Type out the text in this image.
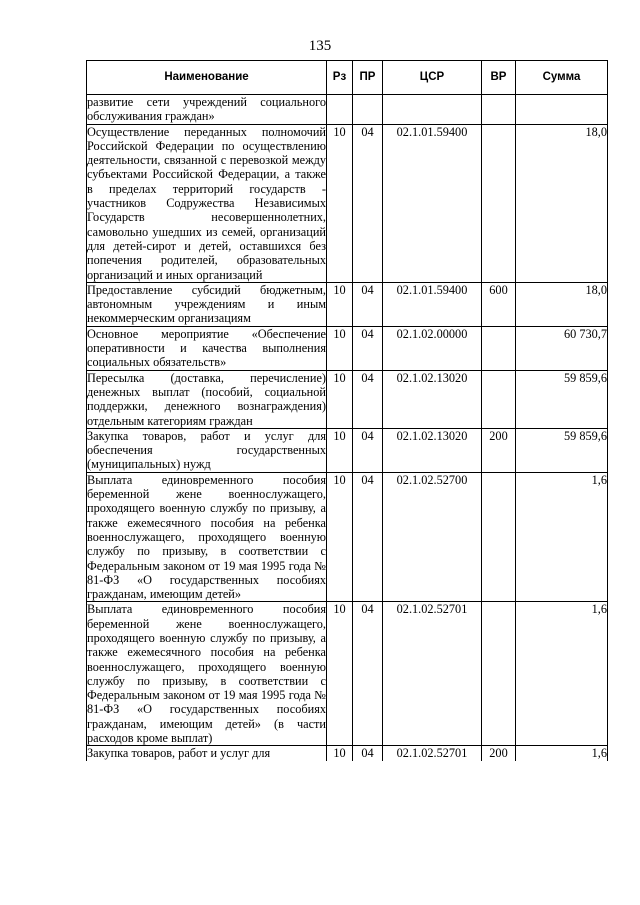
135
Наименование	Рз	ПР	ЦСР	ВР	Сумма
развитие сети учреждений социального обслуживания граждан»					
Осуществление переданных полномочий Российской Федерации по осуществлению деятельности, связанной с перевозкой между субъектами Российской Федерации, а также в пределах территорий государств - участников Содружества Независимых Государств несовершеннолетних, самовольно ушедших из семей, организаций для детей-сирот и детей, оставшихся без попечения родителей, образовательных организаций и иных организаций	10	04	02.1.01.59400		18,0
Предоставление субсидий бюджетным, автономным учреждениям и иным некоммерческим организациям	10	04	02.1.01.59400	600	18,0
Основное мероприятие «Обеспечение оперативности и качества выполнения социальных обязательств»	10	04	02.1.02.00000		60 730,7
Пересылка (доставка, перечисление) денежных выплат (пособий, социальной поддержки, денежного вознаграждения) отдельным категориям граждан	10	04	02.1.02.13020		59 859,6
Закупка товаров, работ и услуг для обеспечения государственных (муниципальных) нужд	10	04	02.1.02.13020	200	59 859,6
Выплата единовременного пособия беременной жене военнослужащего, проходящего военную службу по призыву, а также ежемесячного пособия на ребенка военнослужащего, проходящего военную службу по призыву, в соответствии с Федеральным законом от 19 мая 1995 года № 81-ФЗ «О государственных пособиях гражданам, имеющим детей»	10	04	02.1.02.52700		1,6
Выплата единовременного пособия беременной жене военнослужащего, проходящего военную службу по призыву, а также ежемесячного пособия на ребенка военнослужащего, проходящего военную службу по призыву, в соответствии с Федеральным законом от 19 мая 1995 года № 81-ФЗ «О государственных пособиях гражданам, имеющим детей» (в части расходов кроме выплат)	10	04	02.1.02.52701		1,6
Закупка товаров, работ и услуг для	10	04	02.1.02.52701	200	1,6
